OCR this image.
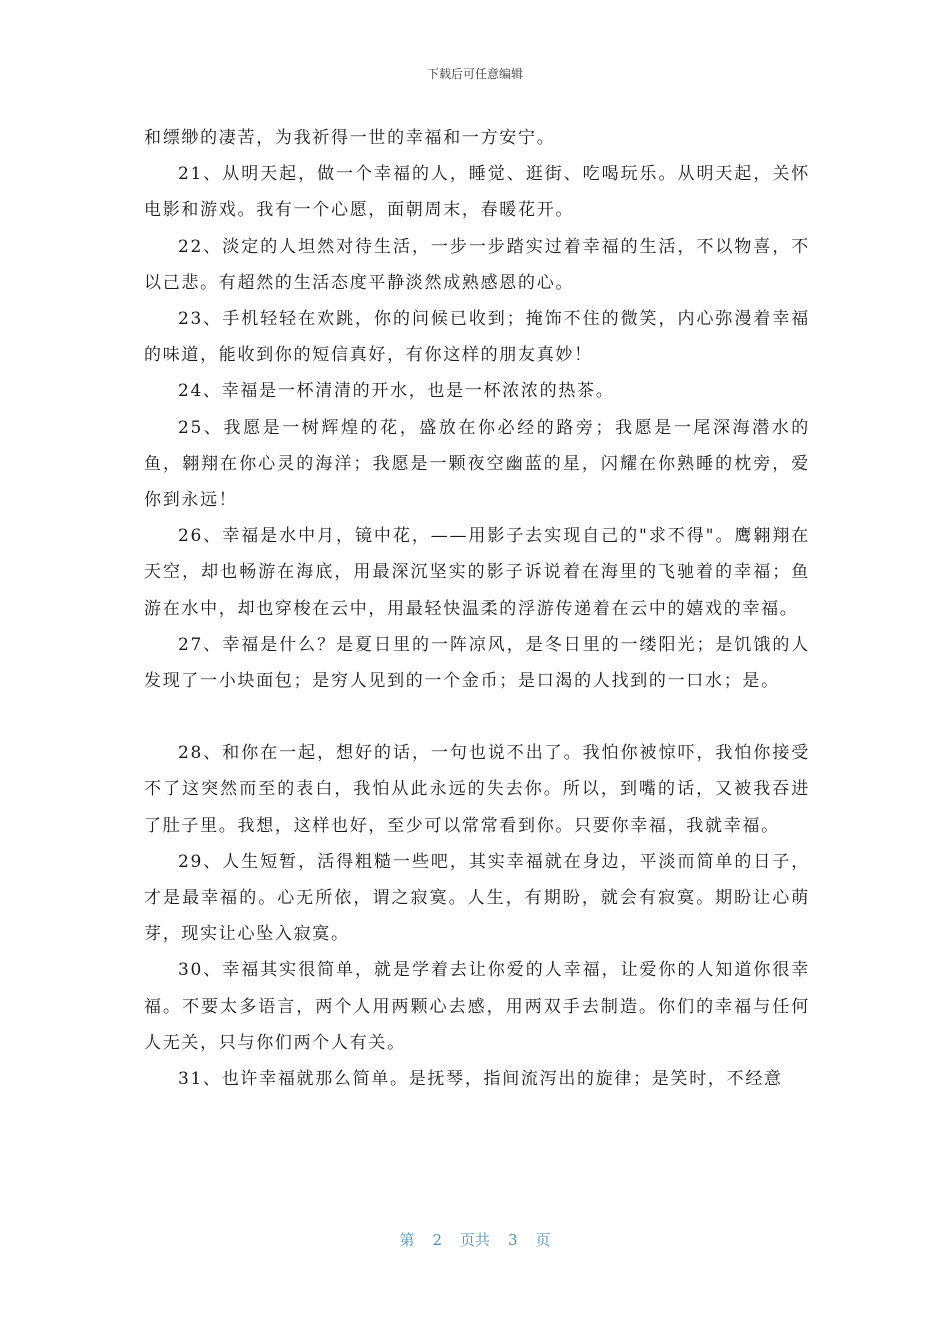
下载后可任意编辑

和缥缈的凄苦，为我祈得一世的幸福和一方安宁。

21、从明天起，做一个幸福的人，睡觉、逛街、吃喝玩乐。从明天起，关怀电影和游戏。我有一个心愿，面朝周末，春暖花开。

22、淡定的人坦然对待生活，一步一步踏实过着幸福的生活，不以物喜，不以己悲。有超然的生活态度平静淡然成熟感恩的心。

23、手机轻轻在欢跳，你的问候已收到；掩饰不住的微笑，内心弥漫着幸福的味道，能收到你的短信真好，有你这样的朋友真妙！

24、幸福是一杯清清的开水，也是一杯浓浓的热茶。

25、我愿是一树辉煌的花，盛放在你必经的路旁；我愿是一尾深海潜水的鱼，翱翔在你心灵的海洋；我愿是一颗夜空幽蓝的星，闪耀在你熟睡的枕旁，爱你到永远！

26、幸福是水中月，镜中花，——用影子去实现自己的"求不得"。鹰翱翔在天空，却也畅游在海底，用最深沉坚实的影子诉说着在海里的飞驰着的幸福；鱼游在水中，却也穿梭在云中，用最轻快温柔的浮游传递着在云中的嬉戏的幸福。

27、幸福是什么？是夏日里的一阵凉风，是冬日里的一缕阳光；是饥饿的人发现了一小块面包；是穷人见到的一个金币；是口渴的人找到的一口水；是。

28、和你在一起，想好的话，一句也说不出了。我怕你被惊吓，我怕你接受不了这突然而至的表白，我怕从此永远的失去你。所以，到嘴的话，又被我吞进了肚子里。我想，这样也好，至少可以常常看到你。只要你幸福，我就幸福。

29、人生短暂，活得粗糙一些吧，其实幸福就在身边，平淡而简单的日子，才是最幸福的。心无所依，谓之寂寞。人生，有期盼，就会有寂寞。期盼让心萌芽，现实让心坠入寂寞。

30、幸福其实很简单，就是学着去让你爱的人幸福，让爱你的人知道你很幸福。不要太多语言，两个人用两颗心去感，用两双手去制造。你们的幸福与任何人无关，只与你们两个人有关。

31、也许幸福就那么简单。是抚琴，指间流泻出的旋律；是笑时，不经意

第 2 页共 3 页
